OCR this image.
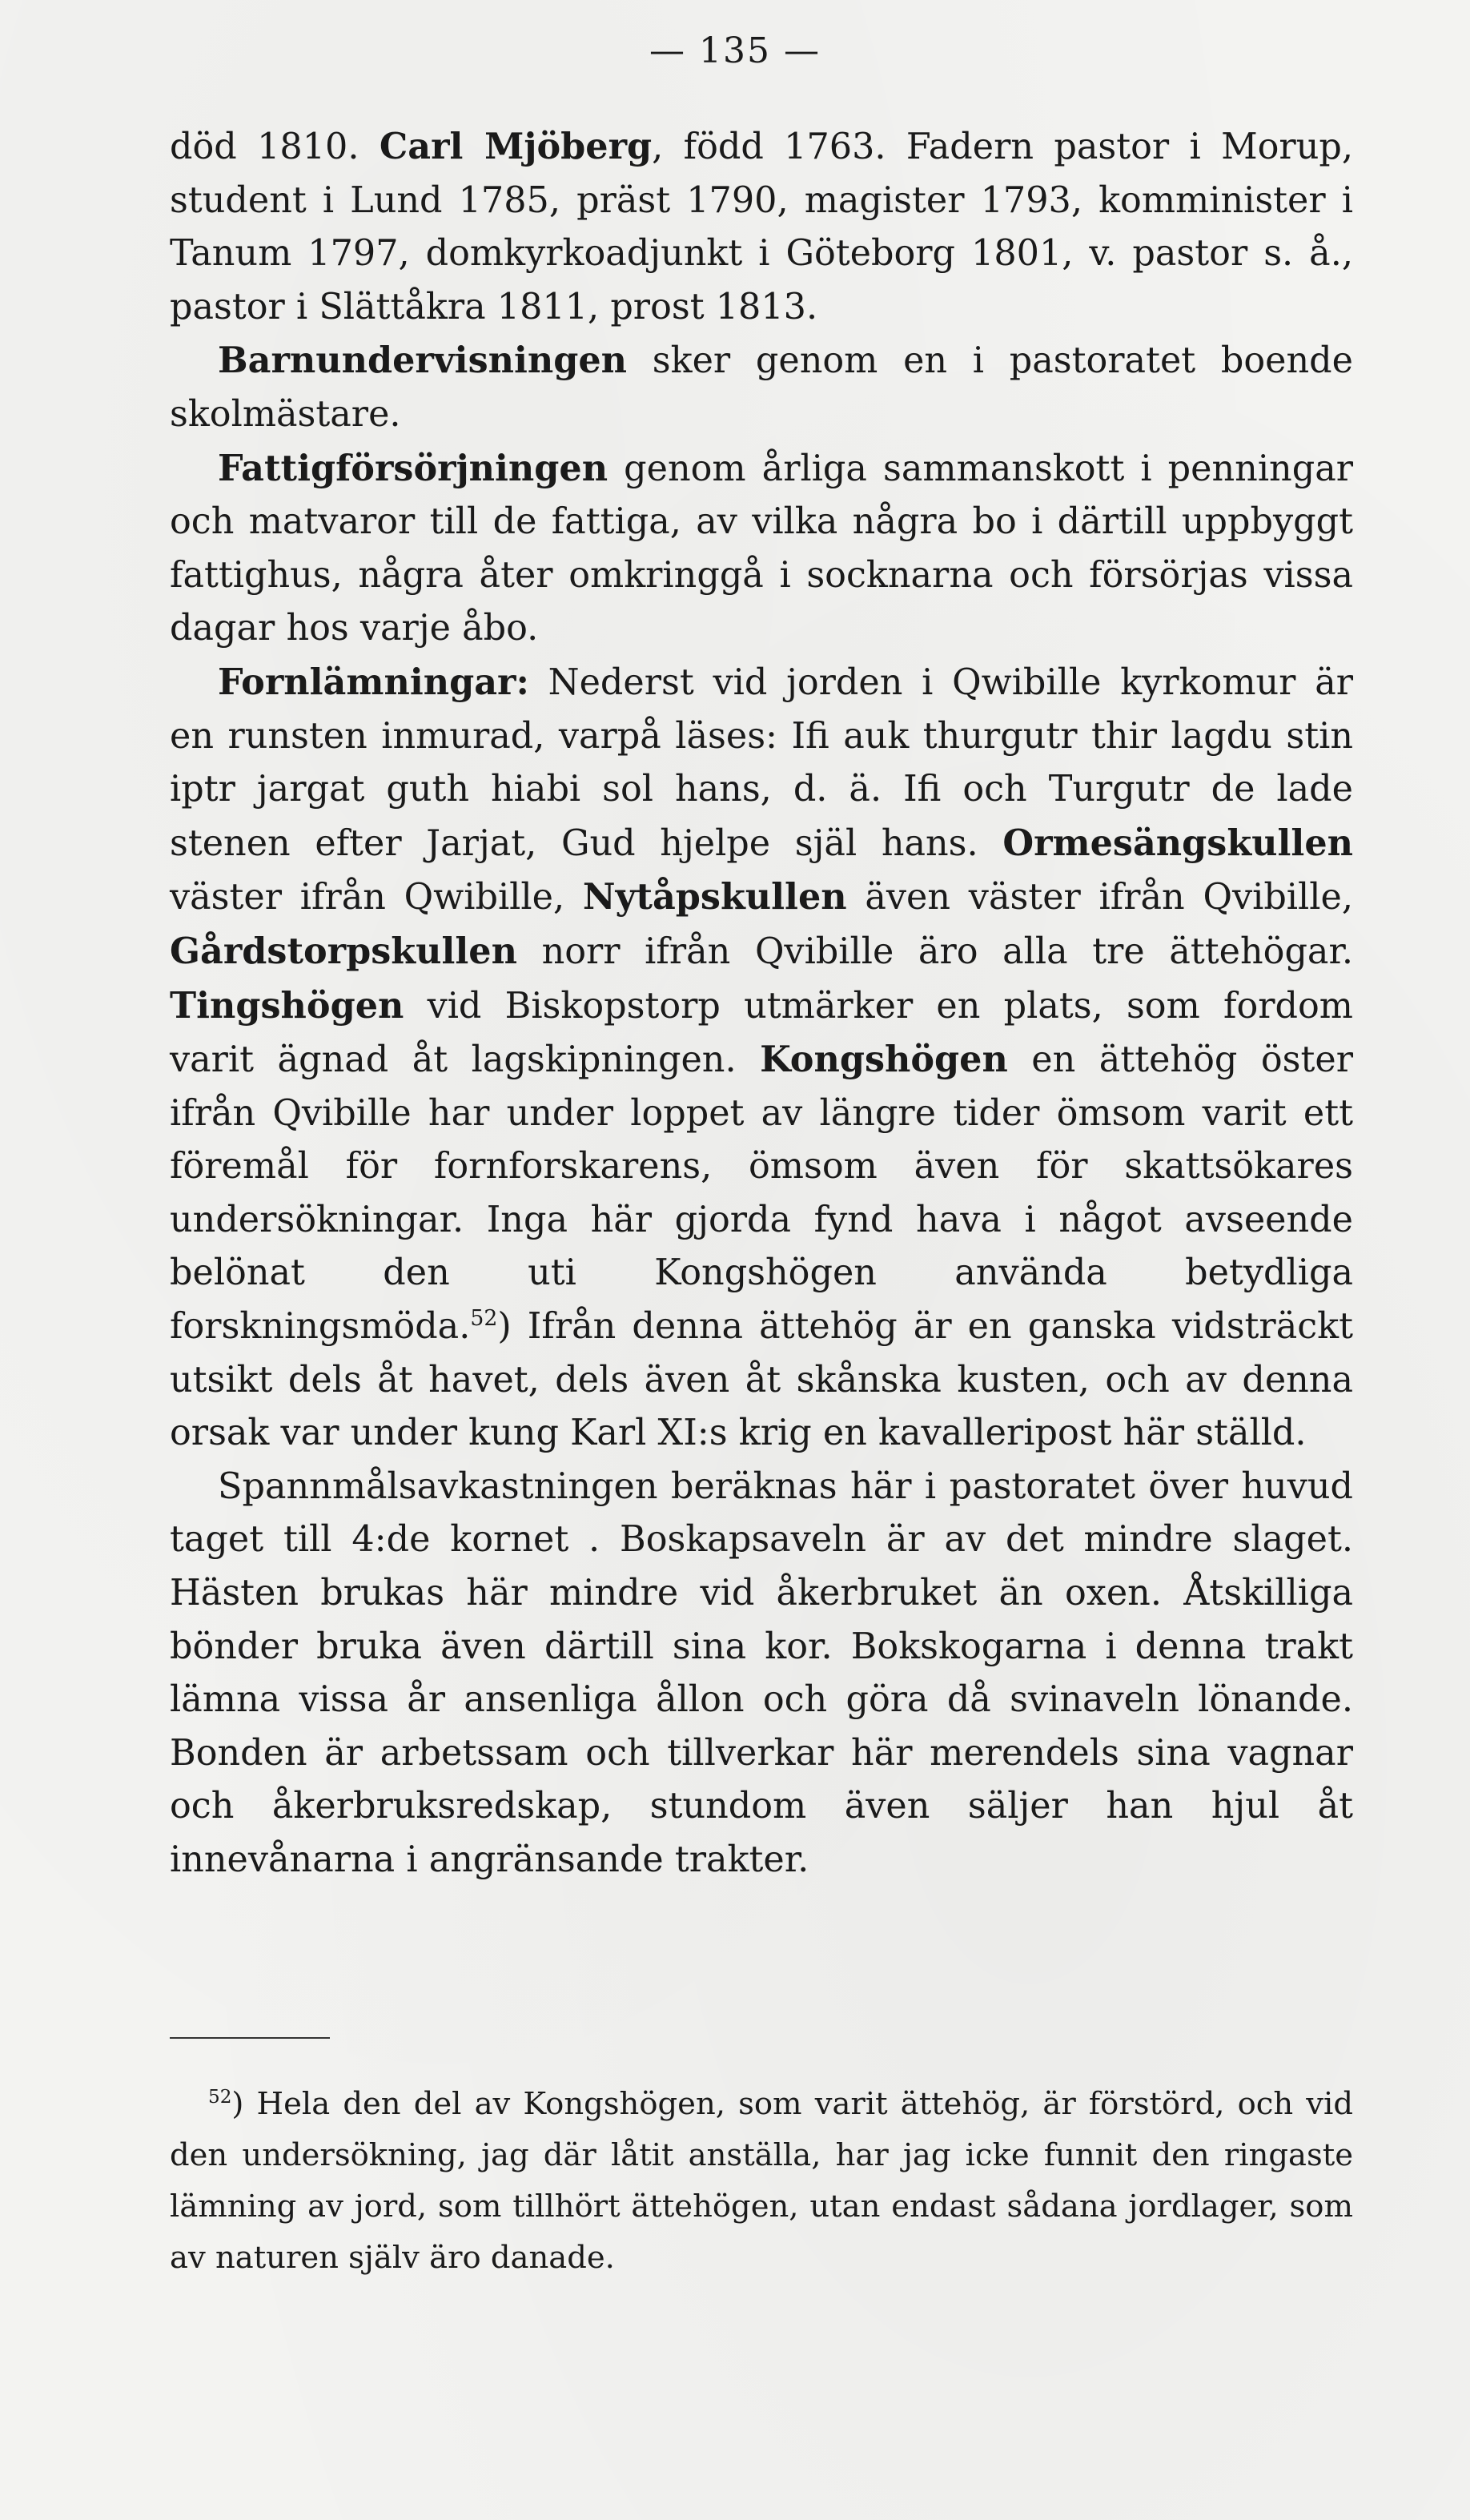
— 135 —

död 1810. Carl Mjöberg, född 1763. Fadern pastor i Morup, student i Lund 1785, präst 1790, magister 1793, komminister i Tanum 1797, domkyrkoadjunkt i Göteborg 1801, v. pastor s. å., pastor i Slättåkra 1811, prost 1813.

Barnundervisningen sker genom en i pastoratet boende skolmästare.

Fattigförsörjningen genom årliga sammanskott i penningar och matvaror till de fattiga, av vilka några bo i därtill uppbyggt fattighus, några åter omkringgå i socknarna och försörjas vissa dagar hos varje åbo.

Fornlämningar: Nederst vid jorden i Qwibille kyrkomur är en runsten inmurad, varpå läses: Ifi auk thurgutr thir lagdu stin iptr jargat guth hiabi sol hans, d. ä. Ifi och Turgutr de lade stenen efter Jarjat, Gud hjelpe själ hans. Ormesängskullen väster ifrån Qwibille, Nytåpskullen även väster ifrån Qvibille, Gårdstorpskullen norr ifrån Qvibille äro alla tre ättehögar. Tingshögen vid Biskopstorp utmärker en plats, som fordom varit ägnad åt lagskipningen. Kongshögen en ättehög öster ifrån Qvibille har under loppet av längre tider ömsom varit ett föremål för fornforskarens, ömsom även för skattsökares undersökningar. Inga här gjorda fynd hava i något avseende belönat den uti Kongshögen använda betydliga forskningsmöda.$^{52}$) Ifrån denna ättehög är en ganska vidsträckt utsikt dels åt havet, dels även åt skånska kusten, och av denna orsak var under kung Karl XI:s krig en kavalleripost här ställd.

Spannmålsavkastningen beräknas här i pastoratet över huvud taget till 4:de kornet . Boskapsaveln är av det mindre slaget. Hästen brukas här mindre vid åkerbruket än oxen. Åtskilliga bönder bruka även därtill sina kor. Bokskogarna i denna trakt lämna vissa år ansenliga ållon och göra då svinaveln lönande. Bonden är arbetssam och tillverkar här merendels sina vagnar och åkerbruksredskap, stundom även säljer han hjul åt innevånarna i angränsande trakter.

$^{52}$) Hela den del av Kongshögen, som varit ättehög, är förstörd, och vid den undersökning, jag där låtit anställa, har jag icke funnit den ringaste lämning av jord, som tillhört ättehögen, utan endast sådana jordlager, som av naturen själv äro danade.
